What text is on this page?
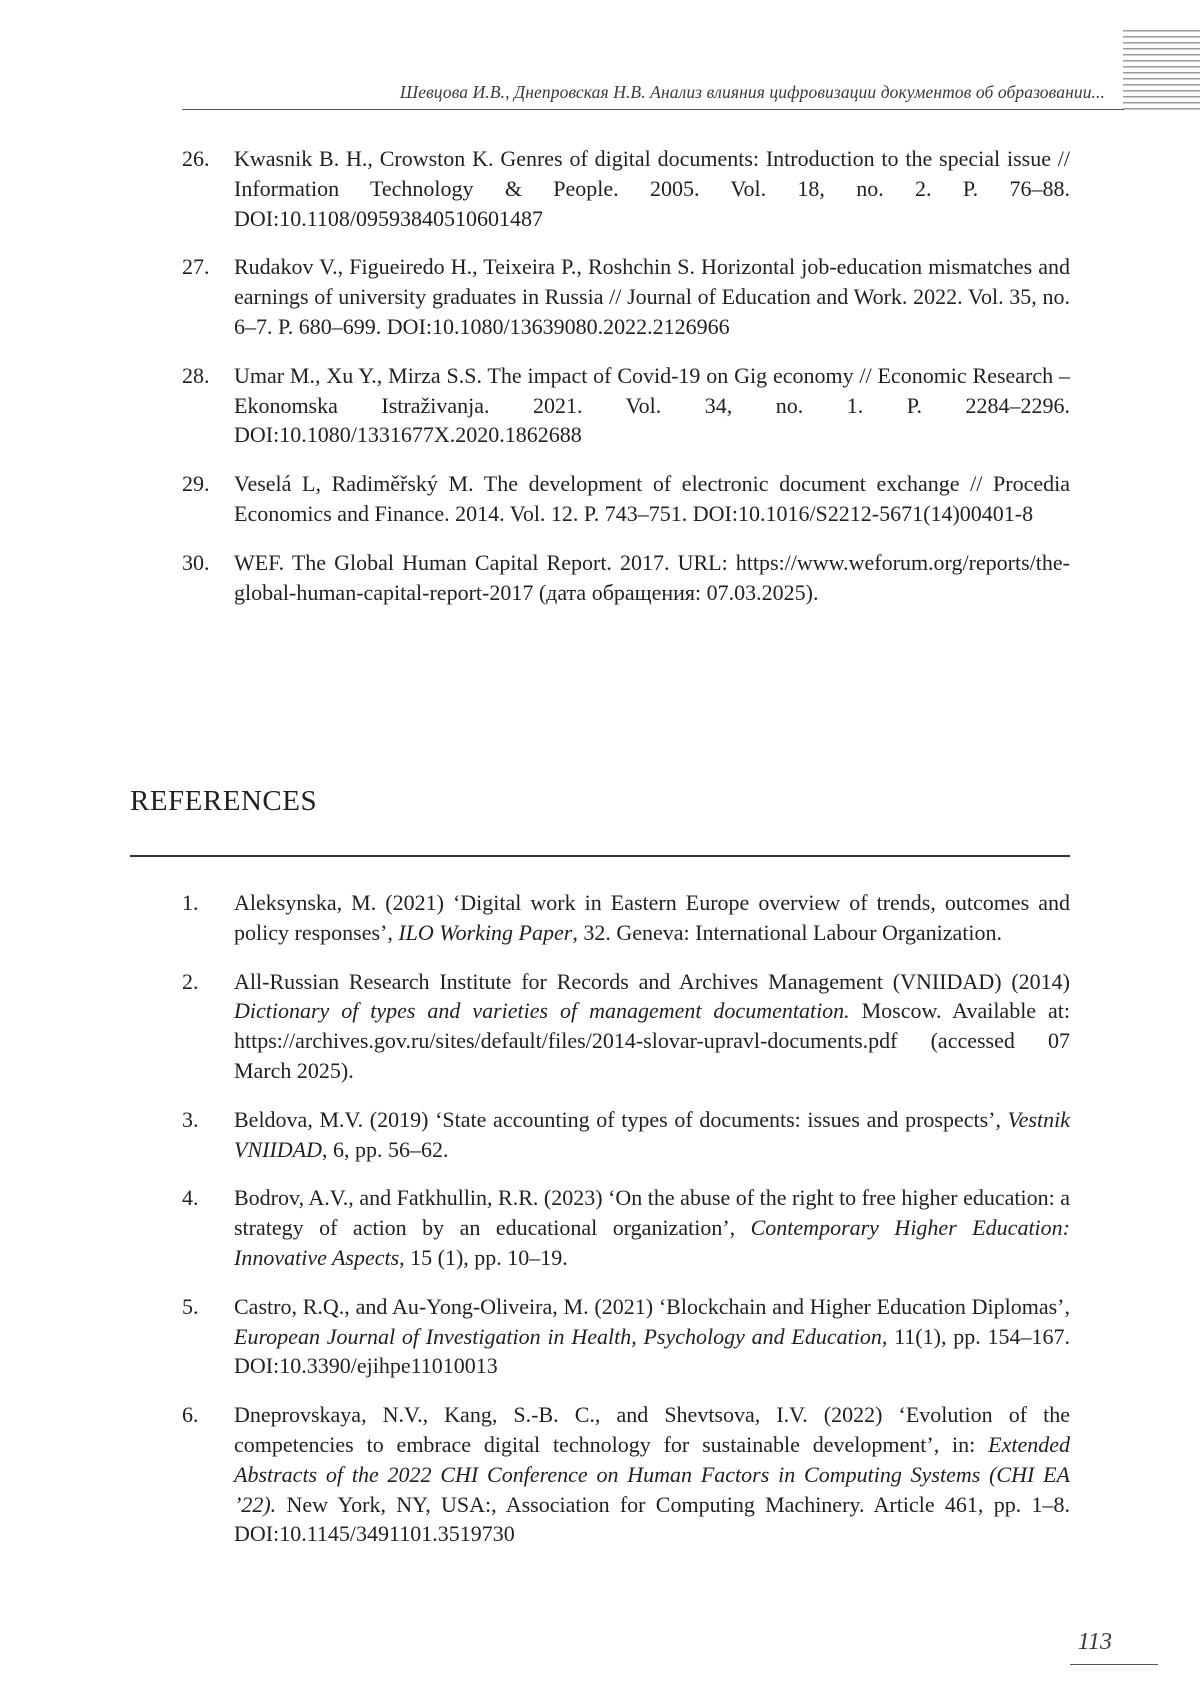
Шевцова И.В., Днепровская Н.В. Анализ влияния цифровизации документов об образовании...
26. Kwasnik B. H., Crowston K. Genres of digital documents: Introduction to the special issue // Information Technology & People. 2005. Vol. 18, no. 2. P. 76–88. DOI:10.1108/09593840510601487
27. Rudakov V., Figueiredo H., Teixeira P., Roshchin S. Horizontal job-education mismatches and earnings of university graduates in Russia // Journal of Education and Work. 2022. Vol. 35, no. 6–7. P. 680–699. DOI:10.1080/13639080.2022.2126966
28. Umar M., Xu Y., Mirza S.S. The impact of Covid-19 on Gig economy // Economic Research – Ekonomska Istraživanja. 2021. Vol. 34, no. 1. P. 2284–2296. DOI:10.1080/1331677X.2020.1862688
29. Veselá L, Radiměřský M. The development of electronic document exchange // Procedia Economics and Finance. 2014. Vol. 12. P. 743–751. DOI:10.1016/S2212-5671(14)00401-8
30. WEF. The Global Human Capital Report. 2017. URL: https://www.weforum.org/reports/the-global-human-capital-report-2017 (дата обращения: 07.03.2025).
REFERENCES
1. Aleksynska, M. (2021) ‘Digital work in Eastern Europe overview of trends, outcomes and policy responses’, ILO Working Paper, 32. Geneva: International Labour Organization.
2. All-Russian Research Institute for Records and Archives Management (VNIIDAD) (2014) Dictionary of types and varieties of management documentation. Moscow. Available at: https://archives.gov.ru/sites/default/files/2014-slovar-upravl-documents.pdf (accessed 07 March 2025).
3. Beldova, M.V. (2019) ‘State accounting of types of documents: issues and prospects’, Vestnik VNIIDAD, 6, pp. 56–62.
4. Bodrov, A.V., and Fatkhullin, R.R. (2023) ‘On the abuse of the right to free higher education: a strategy of action by an educational organization’, Contemporary Higher Education: Innovative Aspects, 15 (1), pp. 10–19.
5. Castro, R.Q., and Au-Yong-Oliveira, M. (2021) ‘Blockchain and Higher Education Diplomas’, European Journal of Investigation in Health, Psychology and Education, 11(1), pp. 154–167. DOI:10.3390/ejihpe11010013
6. Dneprovskaya, N.V., Kang, S.-B. C., and Shevtsova, I.V. (2022) ‘Evolution of the competencies to embrace digital technology for sustainable development’, in: Extended Abstracts of the 2022 CHI Conference on Human Factors in Computing Systems (CHI EA ’22). New York, NY, USA:, Association for Computing Machinery. Article 461, pp. 1–8. DOI:10.1145/3491101.3519730
113
